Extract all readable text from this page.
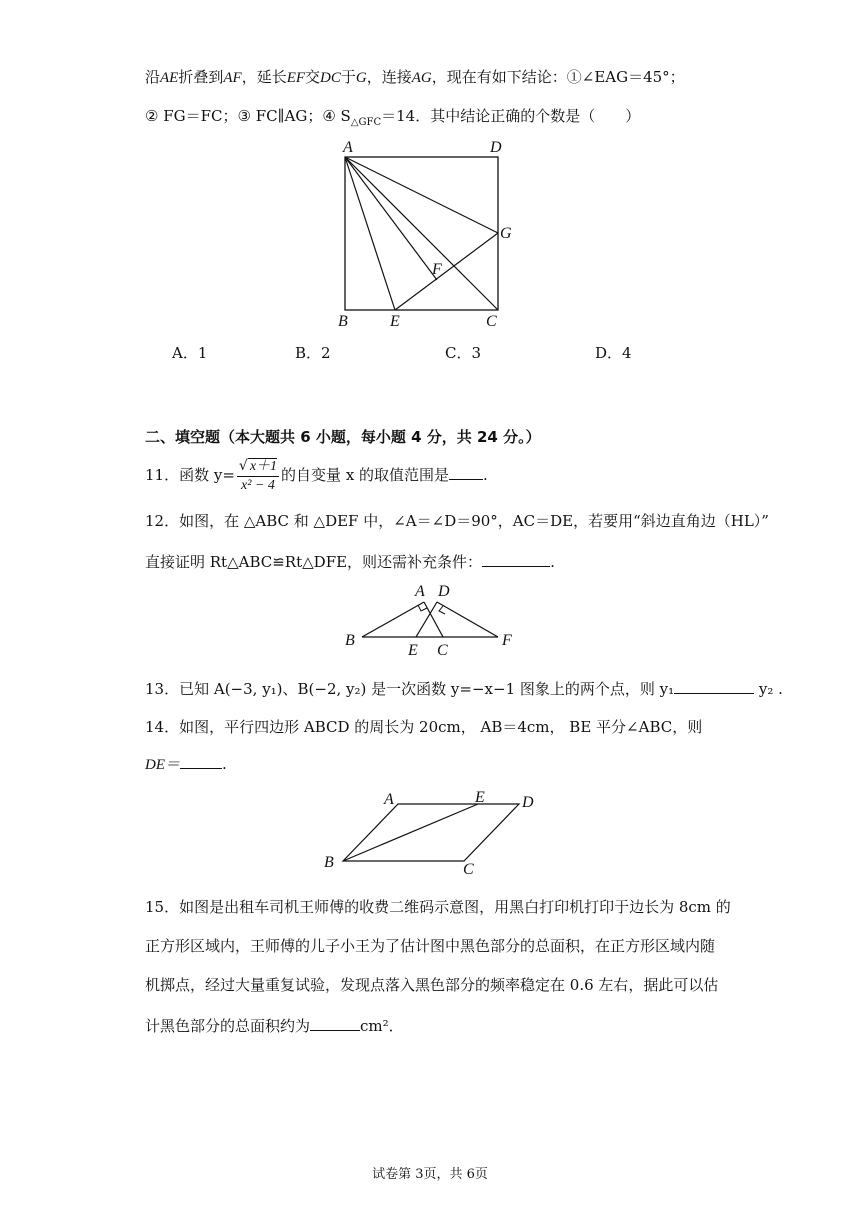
沿AE折叠到AF，延长EF交DC于G，连接AG，现在有如下结论：①∠EAG＝45°；
② FG＝FC；③ FC∥AG；④ $S_{\triangle GFC}=14$．其中结论正确的个数是（　　）
A	D
G
F
B	E	C
A．1	B．2	C．3	D．4
二、填空题（本大题共 6 小题，每小题 4 分，共 24 分。）
11．函数 $y= \frac{√ x+1}{\text{x² − 4}}$ 的自变量 x 的取值范围是 .
12．如图，在 △ABC 和 △DEF 中，∠A＝∠D＝90°，AC＝DE，若要用“斜边直角边（HL）”
直接证明 Rt△ABC≌Rt△DFE，则还需补充条件：	.
A D
B
E C
F
13．已知 A(−3, y₁)、B(−2, y₂) 是一次函数 y=−x−1 图象上的两个点，则 y₁	y₂ .
14．如图，平行四边形 ABCD 的周长为 20cm， AB＝4cm， BE 平分∠ABC，则
DE＝	.
A	E D
B	C
15．如图是出租车司机王师傅的收费二维码示意图，用黑白打印机打印于边长为 8cm 的
正方形区域内，王师傅的儿子小王为了估计图中黑色部分的总面积，在正方形区域内随
机掷点，经过大量重复试验，发现点落入黑色部分的频率稳定在 0.6 左右，据此可以估
计黑色部分的总面积约为	cm²．
试卷第 3页，共 6页
